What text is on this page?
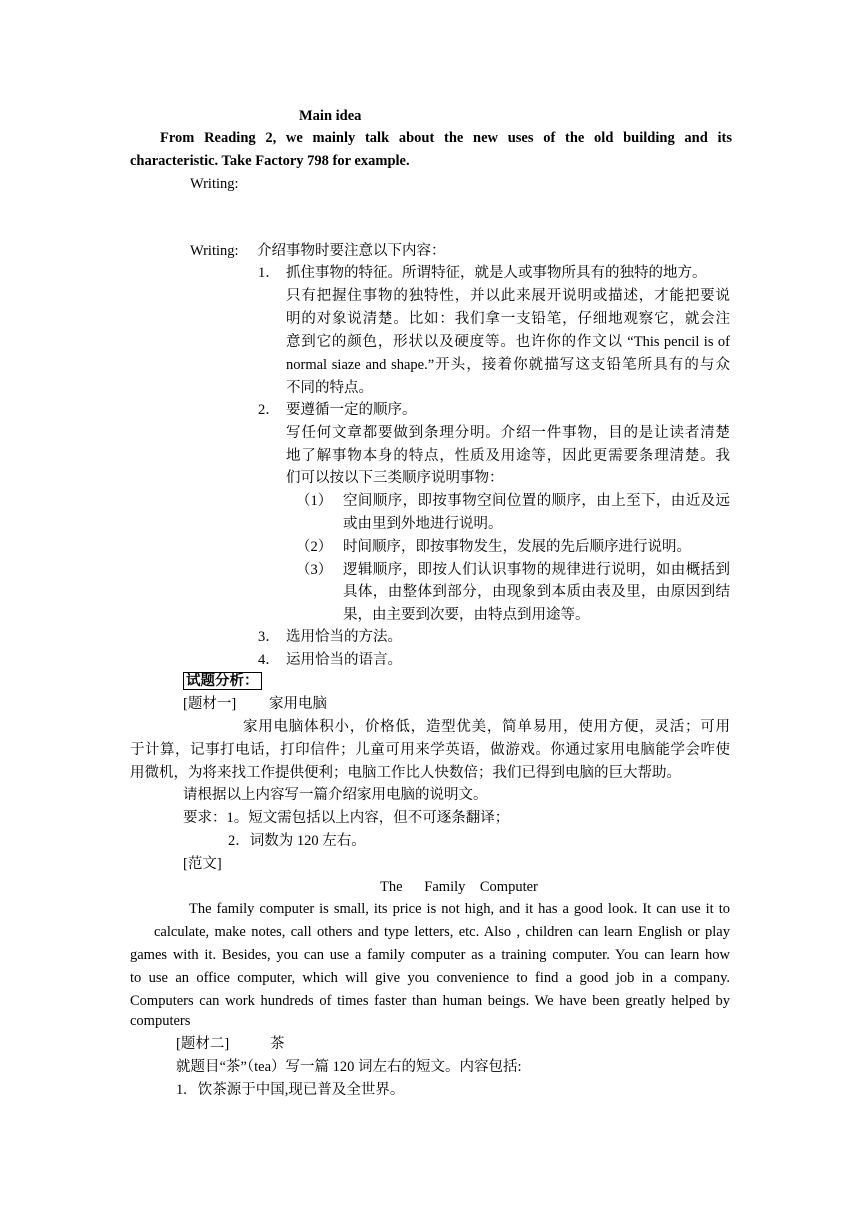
Main idea
From Reading 2, we mainly talk about the new uses of the old building and its
characteristic. Take Factory 798 for example.
Writing:
Writing: 介绍事物时要注意以下内容：
1． 抓住事物的特征。所谓特征，就是人或事物所具有的独特的地方。
只有把握住事物的独特性，并以此来展开说明或描述，才能把要说
明的对象说清楚。比如：我们拿一支铅笔，仔细地观察它，就会注
意到它的颜色，形状以及硬度等。也许你的作文以 “This pencil is of
normal siaze and shape.”开头，接着你就描写这支铅笔所具有的与众
不同的特点。
2． 要遵循一定的顺序。
写任何文章都要做到条理分明。介绍一件事物，目的是让读者清楚
地了解事物本身的特点，性质及用途等，因此更需要条理清楚。我
们可以按以下三类顺序说明事物：
（1） 空间顺序，即按事物空间位置的顺序，由上至下，由近及远
或由里到外地进行说明。
（2） 时间顺序，即按事物发生，发展的先后顺序进行说明。
（3） 逻辑顺序，即按人们认识事物的规律进行说明，如由概括到
具体，由整体到部分，由现象到本质由表及里，由原因到结
果，由主要到次要，由特点到用途等。
3． 选用恰当的方法。
4． 运用恰当的语言。
试题分析：
[题材一] 家用电脑
家用电脑体积小，价格低，造型优美，简单易用，使用方便，灵活；可用
于计算，记事打电话，打印信件；儿童可用来学英语，做游戏。你通过家用电脑能学会咋使
用微机，为将来找工作提供便利；电脑工作比人快数倍；我们已得到电脑的巨大帮助。
请根据以上内容写一篇介绍家用电脑的说明文。
要求：1。短文需包括以上内容，但不可逐条翻译；
2．词数为 120 左右。
[范文]
The      Family    Computer
The family computer is small, its price is not high, and it has a good look. It can use it to
calculate, make notes, call others and type letters, etc. Also , children can learn English or play
games with it. Besides, you can use a family computer as a training computer. You can learn how
to use an office computer, which will give you convenience to find a good job in a company.
Computers can work hundreds of times faster than human beings. We have been greatly helped by
computers
[题材二]	茶
就题目“茶”（tea）写一篇 120 词左右的短文。内容包括:
1.   饮茶源于中国,现已普及全世界。
